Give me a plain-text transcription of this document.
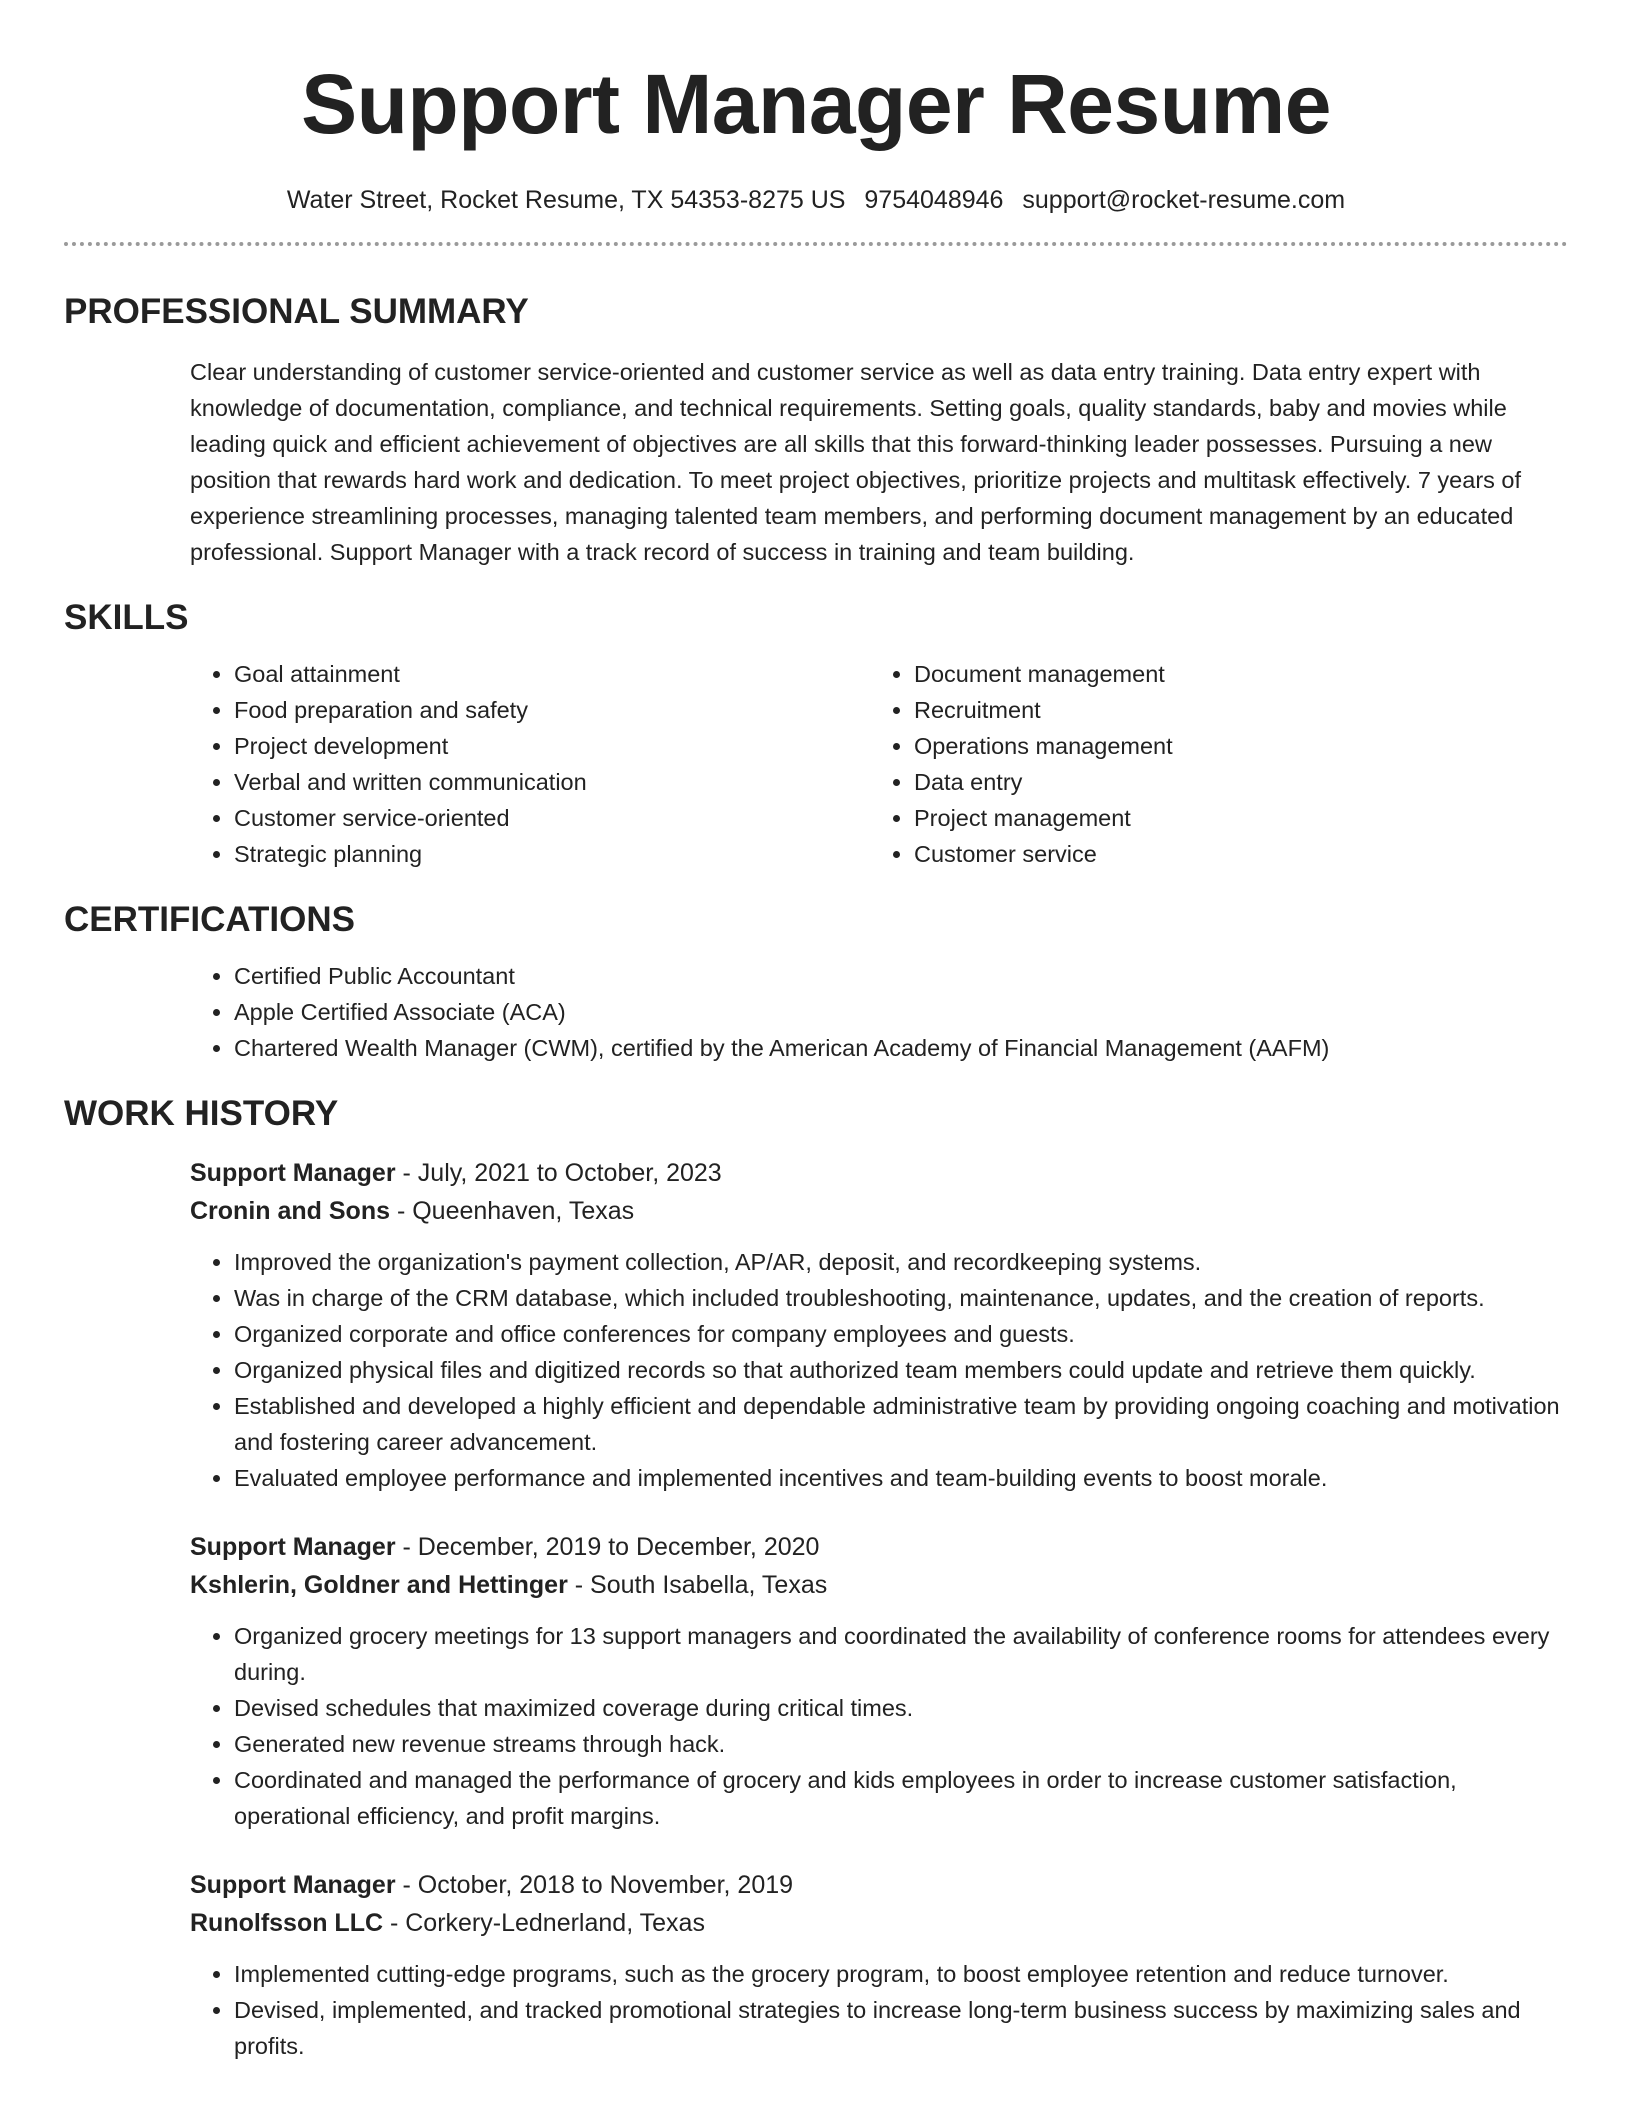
Support Manager Resume
Water Street, Rocket Resume, TX 54353-8275 US 9754048946 support@rocket-resume.com
PROFESSIONAL SUMMARY
Clear understanding of customer service-oriented and customer service as well as data entry training. Data entry expert with knowledge of documentation, compliance, and technical requirements. Setting goals, quality standards, baby and movies while leading quick and efficient achievement of objectives are all skills that this forward-thinking leader possesses. Pursuing a new position that rewards hard work and dedication. To meet project objectives, prioritize projects and multitask effectively. 7 years of experience streamlining processes, managing talented team members, and performing document management by an educated professional. Support Manager with a track record of success in training and team building.
SKILLS
• Goal attainment
• Food preparation and safety
• Project development
• Verbal and written communication
• Customer service-oriented
• Strategic planning
• Document management
• Recruitment
• Operations management
• Data entry
• Project management
• Customer service
CERTIFICATIONS
• Certified Public Accountant
• Apple Certified Associate (ACA)
• Chartered Wealth Manager (CWM), certified by the American Academy of Financial Management (AAFM)
WORK HISTORY
Support Manager - July, 2021 to October, 2023
Cronin and Sons - Queenhaven, Texas
• Improved the organization's payment collection, AP/AR, deposit, and recordkeeping systems.
• Was in charge of the CRM database, which included troubleshooting, maintenance, updates, and the creation of reports.
• Organized corporate and office conferences for company employees and guests.
• Organized physical files and digitized records so that authorized team members could update and retrieve them quickly.
• Established and developed a highly efficient and dependable administrative team by providing ongoing coaching and motivation and fostering career advancement.
• Evaluated employee performance and implemented incentives and team-building events to boost morale.
Support Manager - December, 2019 to December, 2020
Kshlerin, Goldner and Hettinger - South Isabella, Texas
• Organized grocery meetings for 13 support managers and coordinated the availability of conference rooms for attendees every during.
• Devised schedules that maximized coverage during critical times.
• Generated new revenue streams through hack.
• Coordinated and managed the performance of grocery and kids employees in order to increase customer satisfaction, operational efficiency, and profit margins.
Support Manager - October, 2018 to November, 2019
Runolfsson LLC - Corkery-Lednerland, Texas
• Implemented cutting-edge programs, such as the grocery program, to boost employee retention and reduce turnover.
• Devised, implemented, and tracked promotional strategies to increase long-term business success by maximizing sales and profits.
